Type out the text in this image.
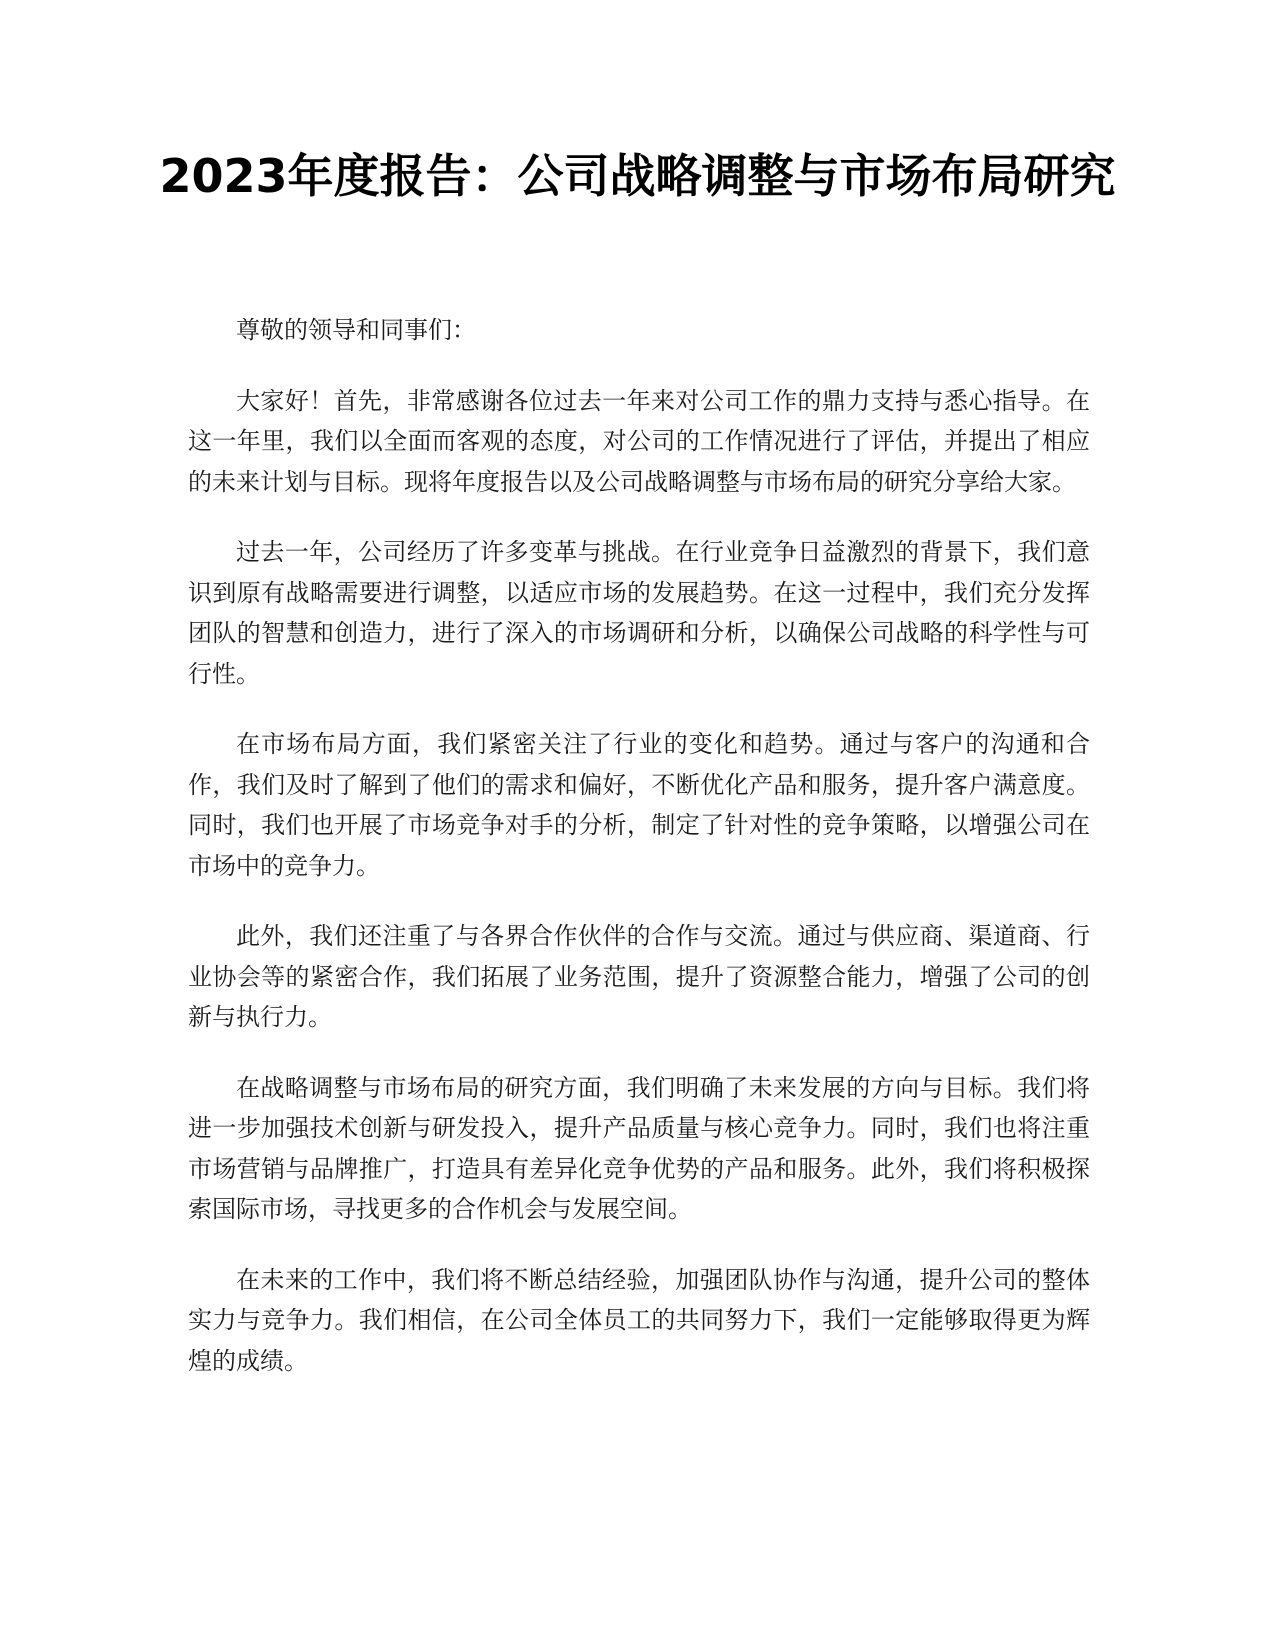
2023年度报告：公司战略调整与市场布局研究

尊敬的领导和同事们：

大家好！首先，非常感谢各位过去一年来对公司工作的鼎力支持与悉心指导。在这一年里，我们以全面而客观的态度，对公司的工作情况进行了评估，并提出了相应的未来计划与目标。现将年度报告以及公司战略调整与市场布局的研究分享给大家。

过去一年，公司经历了许多变革与挑战。在行业竞争日益激烈的背景下，我们意识到原有战略需要进行调整，以适应市场的发展趋势。在这一过程中，我们充分发挥团队的智慧和创造力，进行了深入的市场调研和分析，以确保公司战略的科学性与可行性。

在市场布局方面，我们紧密关注了行业的变化和趋势。通过与客户的沟通和合作，我们及时了解到了他们的需求和偏好，不断优化产品和服务，提升客户满意度。同时，我们也开展了市场竞争对手的分析，制定了针对性的竞争策略，以增强公司在市场中的竞争力。

此外，我们还注重了与各界合作伙伴的合作与交流。通过与供应商、渠道商、行业协会等的紧密合作，我们拓展了业务范围，提升了资源整合能力，增强了公司的创新与执行力。

在战略调整与市场布局的研究方面，我们明确了未来发展的方向与目标。我们将进一步加强技术创新与研发投入，提升产品质量与核心竞争力。同时，我们也将注重市场营销与品牌推广，打造具有差异化竞争优势的产品和服务。此外，我们将积极探索国际市场，寻找更多的合作机会与发展空间。

在未来的工作中，我们将不断总结经验，加强团队协作与沟通，提升公司的整体实力与竞争力。我们相信，在公司全体员工的共同努力下，我们一定能够取得更为辉煌的成绩。
